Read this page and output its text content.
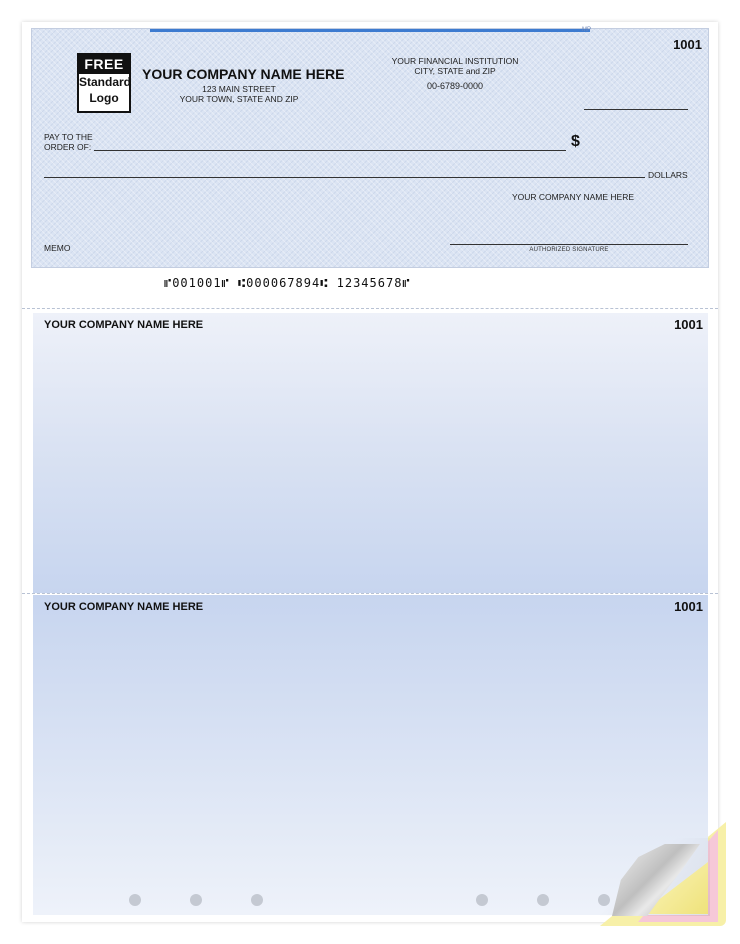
MP
1001
FREE
Standard
Logo
YOUR COMPANY NAME HERE
123 MAIN STREET
YOUR TOWN, STATE AND ZIP
YOUR FINANCIAL INSTITUTION
CITY, STATE and ZIP
00-6789-0000
PAY TO THE
ORDER OF:	$
DOLLARS
YOUR COMPANY NAME HERE
MEMO	AUTHORIZED SIGNATURE
⑈001001⑈ ⑆000067894⑆ 12345678⑈
YOUR COMPANY NAME HERE	1001
YOUR COMPANY NAME HERE	1001
